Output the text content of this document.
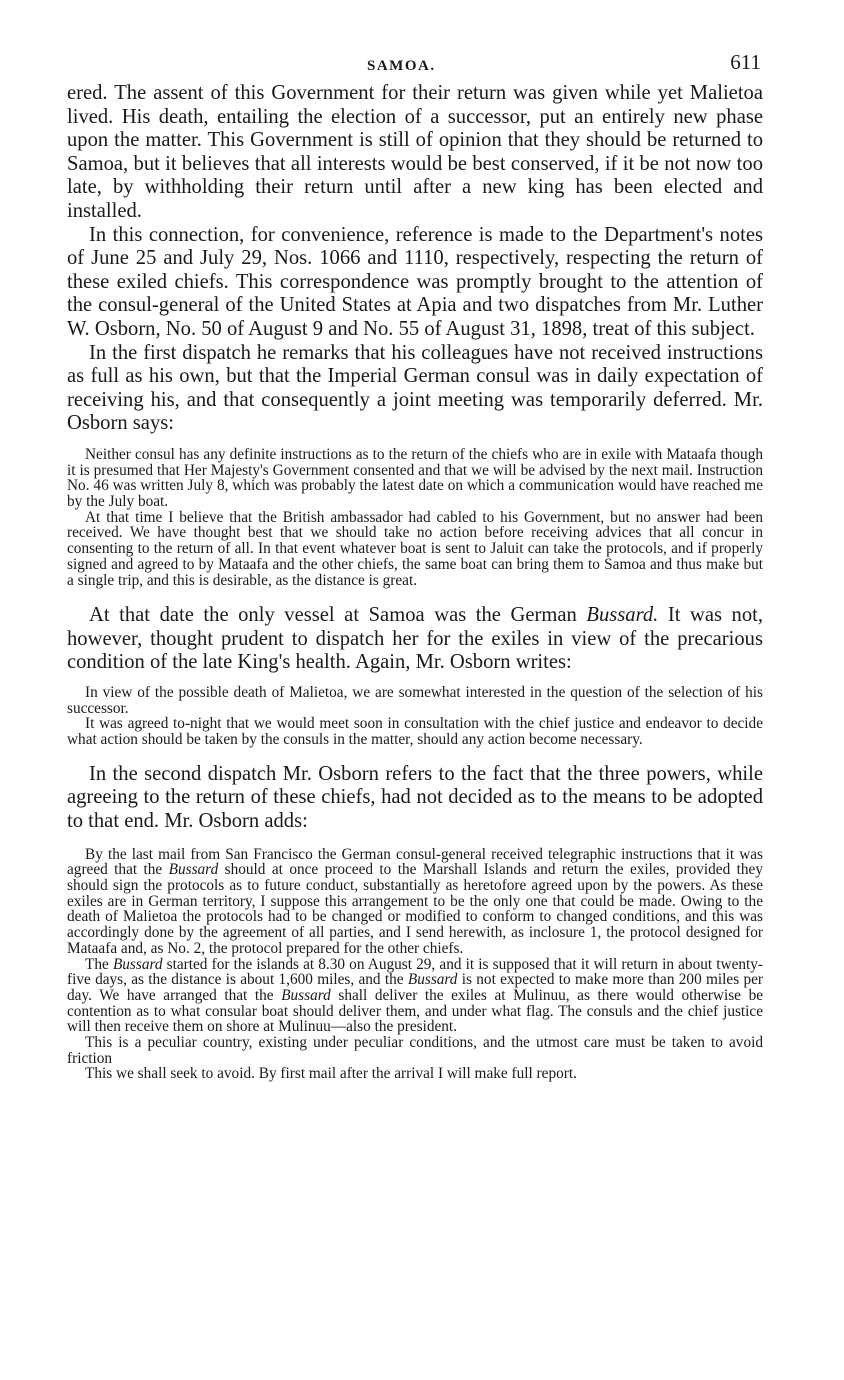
SAMOA.	611

ered. The assent of this Government for their return was given while yet Malietoa lived. His death, entailing the election of a successor, put an entirely new phase upon the matter. This Government is still of opinion that they should be returned to Samoa, but it believes that all interests would be best conserved, if it be not now too late, by withholding their return until after a new king has been elected and installed.

In this connection, for convenience, reference is made to the Department's notes of June 25 and July 29, Nos. 1066 and 1110, respectively, respecting the return of these exiled chiefs. This correspondence was promptly brought to the attention of the consul-general of the United States at Apia and two dispatches from Mr. Luther W. Osborn, No. 50 of August 9 and No. 55 of August 31, 1898, treat of this subject.

In the first dispatch he remarks that his colleagues have not received instructions as full as his own, but that the Imperial German consul was in daily expectation of receiving his, and that consequently a joint meeting was temporarily deferred. Mr. Osborn says:

Neither consul has any definite instructions as to the return of the chiefs who are in exile with Mataafa though it is presumed that Her Majesty's Government consented and that we will be advised by the next mail. Instruction No. 46 was written July 8, which was probably the latest date on which a communication would have reached me by the July boat.

At that time I believe that the British ambassador had cabled to his Government, but no answer had been received. We have thought best that we should take no action before receiving advices that all concur in consenting to the return of all. In that event whatever boat is sent to Jaluit can take the protocols, and if properly signed and agreed to by Mataafa and the other chiefs, the same boat can bring them to Samoa and thus make but a single trip, and this is desirable, as the distance is great.

At that date the only vessel at Samoa was the German Bussard. It was not, however, thought prudent to dispatch her for the exiles in view of the precarious condition of the late King's health. Again, Mr. Osborn writes:

In view of the possible death of Malietoa, we are somewhat interested in the question of the selection of his successor.

It was agreed to-night that we would meet soon in consultation with the chief justice and endeavor to decide what action should be taken by the consuls in the matter, should any action become necessary.

In the second dispatch Mr. Osborn refers to the fact that the three powers, while agreeing to the return of these chiefs, had not decided as to the means to be adopted to that end. Mr. Osborn adds:

By the last mail from San Francisco the German consul-general received telegraphic instructions that it was agreed that the Bussard should at once proceed to the Marshall Islands and return the exiles, provided they should sign the protocols as to future conduct, substantially as heretofore agreed upon by the powers. As these exiles are in German territory, I suppose this arrangement to be the only one that could be made. Owing to the death of Malietoa the protocols had to be changed or modified to conform to changed conditions, and this was accordingly done by the agreement of all parties, and I send herewith, as inclosure 1, the protocol designed for Mataafa and, as No. 2, the protocol prepared for the other chiefs.

The Bussard started for the islands at 8.30 on August 29, and it is supposed that it will return in about twenty-five days, as the distance is about 1,600 miles, and the Bussard is not expected to make more than 200 miles per day. We have arranged that the Bussard shall deliver the exiles at Mulinuu, as there would otherwise be contention as to what consular boat should deliver them, and under what flag. The consuls and the chief justice will then receive them on shore at Mulinuu—also the president.

This is a peculiar country, existing under peculiar conditions, and the utmost care must be taken to avoid friction

This we shall seek to avoid. By first mail after the arrival I will make full report.
